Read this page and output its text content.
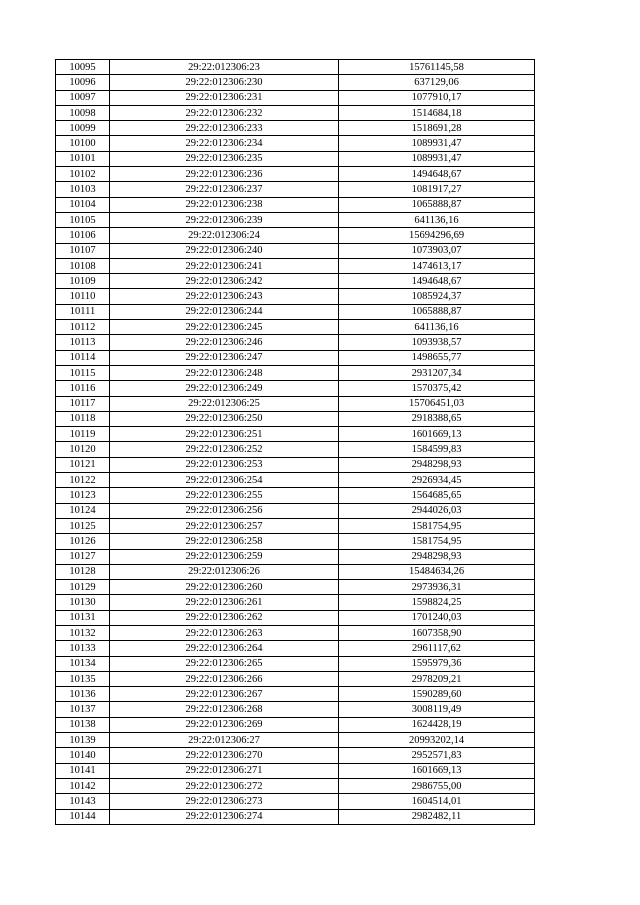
10095	29:22:012306:23	15761145,58
10096	29:22:012306:230	637129,06
10097	29:22:012306:231	1077910,17
10098	29:22:012306:232	1514684,18
10099	29:22:012306:233	1518691,28
10100	29:22:012306:234	1089931,47
10101	29:22:012306:235	1089931,47
10102	29:22:012306:236	1494648,67
10103	29:22:012306:237	1081917,27
10104	29:22:012306:238	1065888,87
10105	29:22:012306:239	641136,16
10106	29:22:012306:24	15694296,69
10107	29:22:012306:240	1073903,07
10108	29:22:012306:241	1474613,17
10109	29:22:012306:242	1494648,67
10110	29:22:012306:243	1085924,37
10111	29:22:012306:244	1065888,87
10112	29:22:012306:245	641136,16
10113	29:22:012306:246	1093938,57
10114	29:22:012306:247	1498655,77
10115	29:22:012306:248	2931207,34
10116	29:22:012306:249	1570375,42
10117	29:22:012306:25	15706451,03
10118	29:22:012306:250	2918388,65
10119	29:22:012306:251	1601669,13
10120	29:22:012306:252	1584599,83
10121	29:22:012306:253	2948298,93
10122	29:22:012306:254	2926934,45
10123	29:22:012306:255	1564685,65
10124	29:22:012306:256	2944026,03
10125	29:22:012306:257	1581754,95
10126	29:22:012306:258	1581754,95
10127	29:22:012306:259	2948298,93
10128	29:22:012306:26	15484634,26
10129	29:22:012306:260	2973936,31
10130	29:22:012306:261	1598824,25
10131	29:22:012306:262	1701240,03
10132	29:22:012306:263	1607358,90
10133	29:22:012306:264	2961117,62
10134	29:22:012306:265	1595979,36
10135	29:22:012306:266	2978209,21
10136	29:22:012306:267	1590289,60
10137	29:22:012306:268	3008119,49
10138	29:22:012306:269	1624428,19
10139	29:22:012306:27	20993202,14
10140	29:22:012306:270	2952571,83
10141	29:22:012306:271	1601669,13
10142	29:22:012306:272	2986755,00
10143	29:22:012306:273	1604514,01
10144	29:22:012306:274	2982482,11
